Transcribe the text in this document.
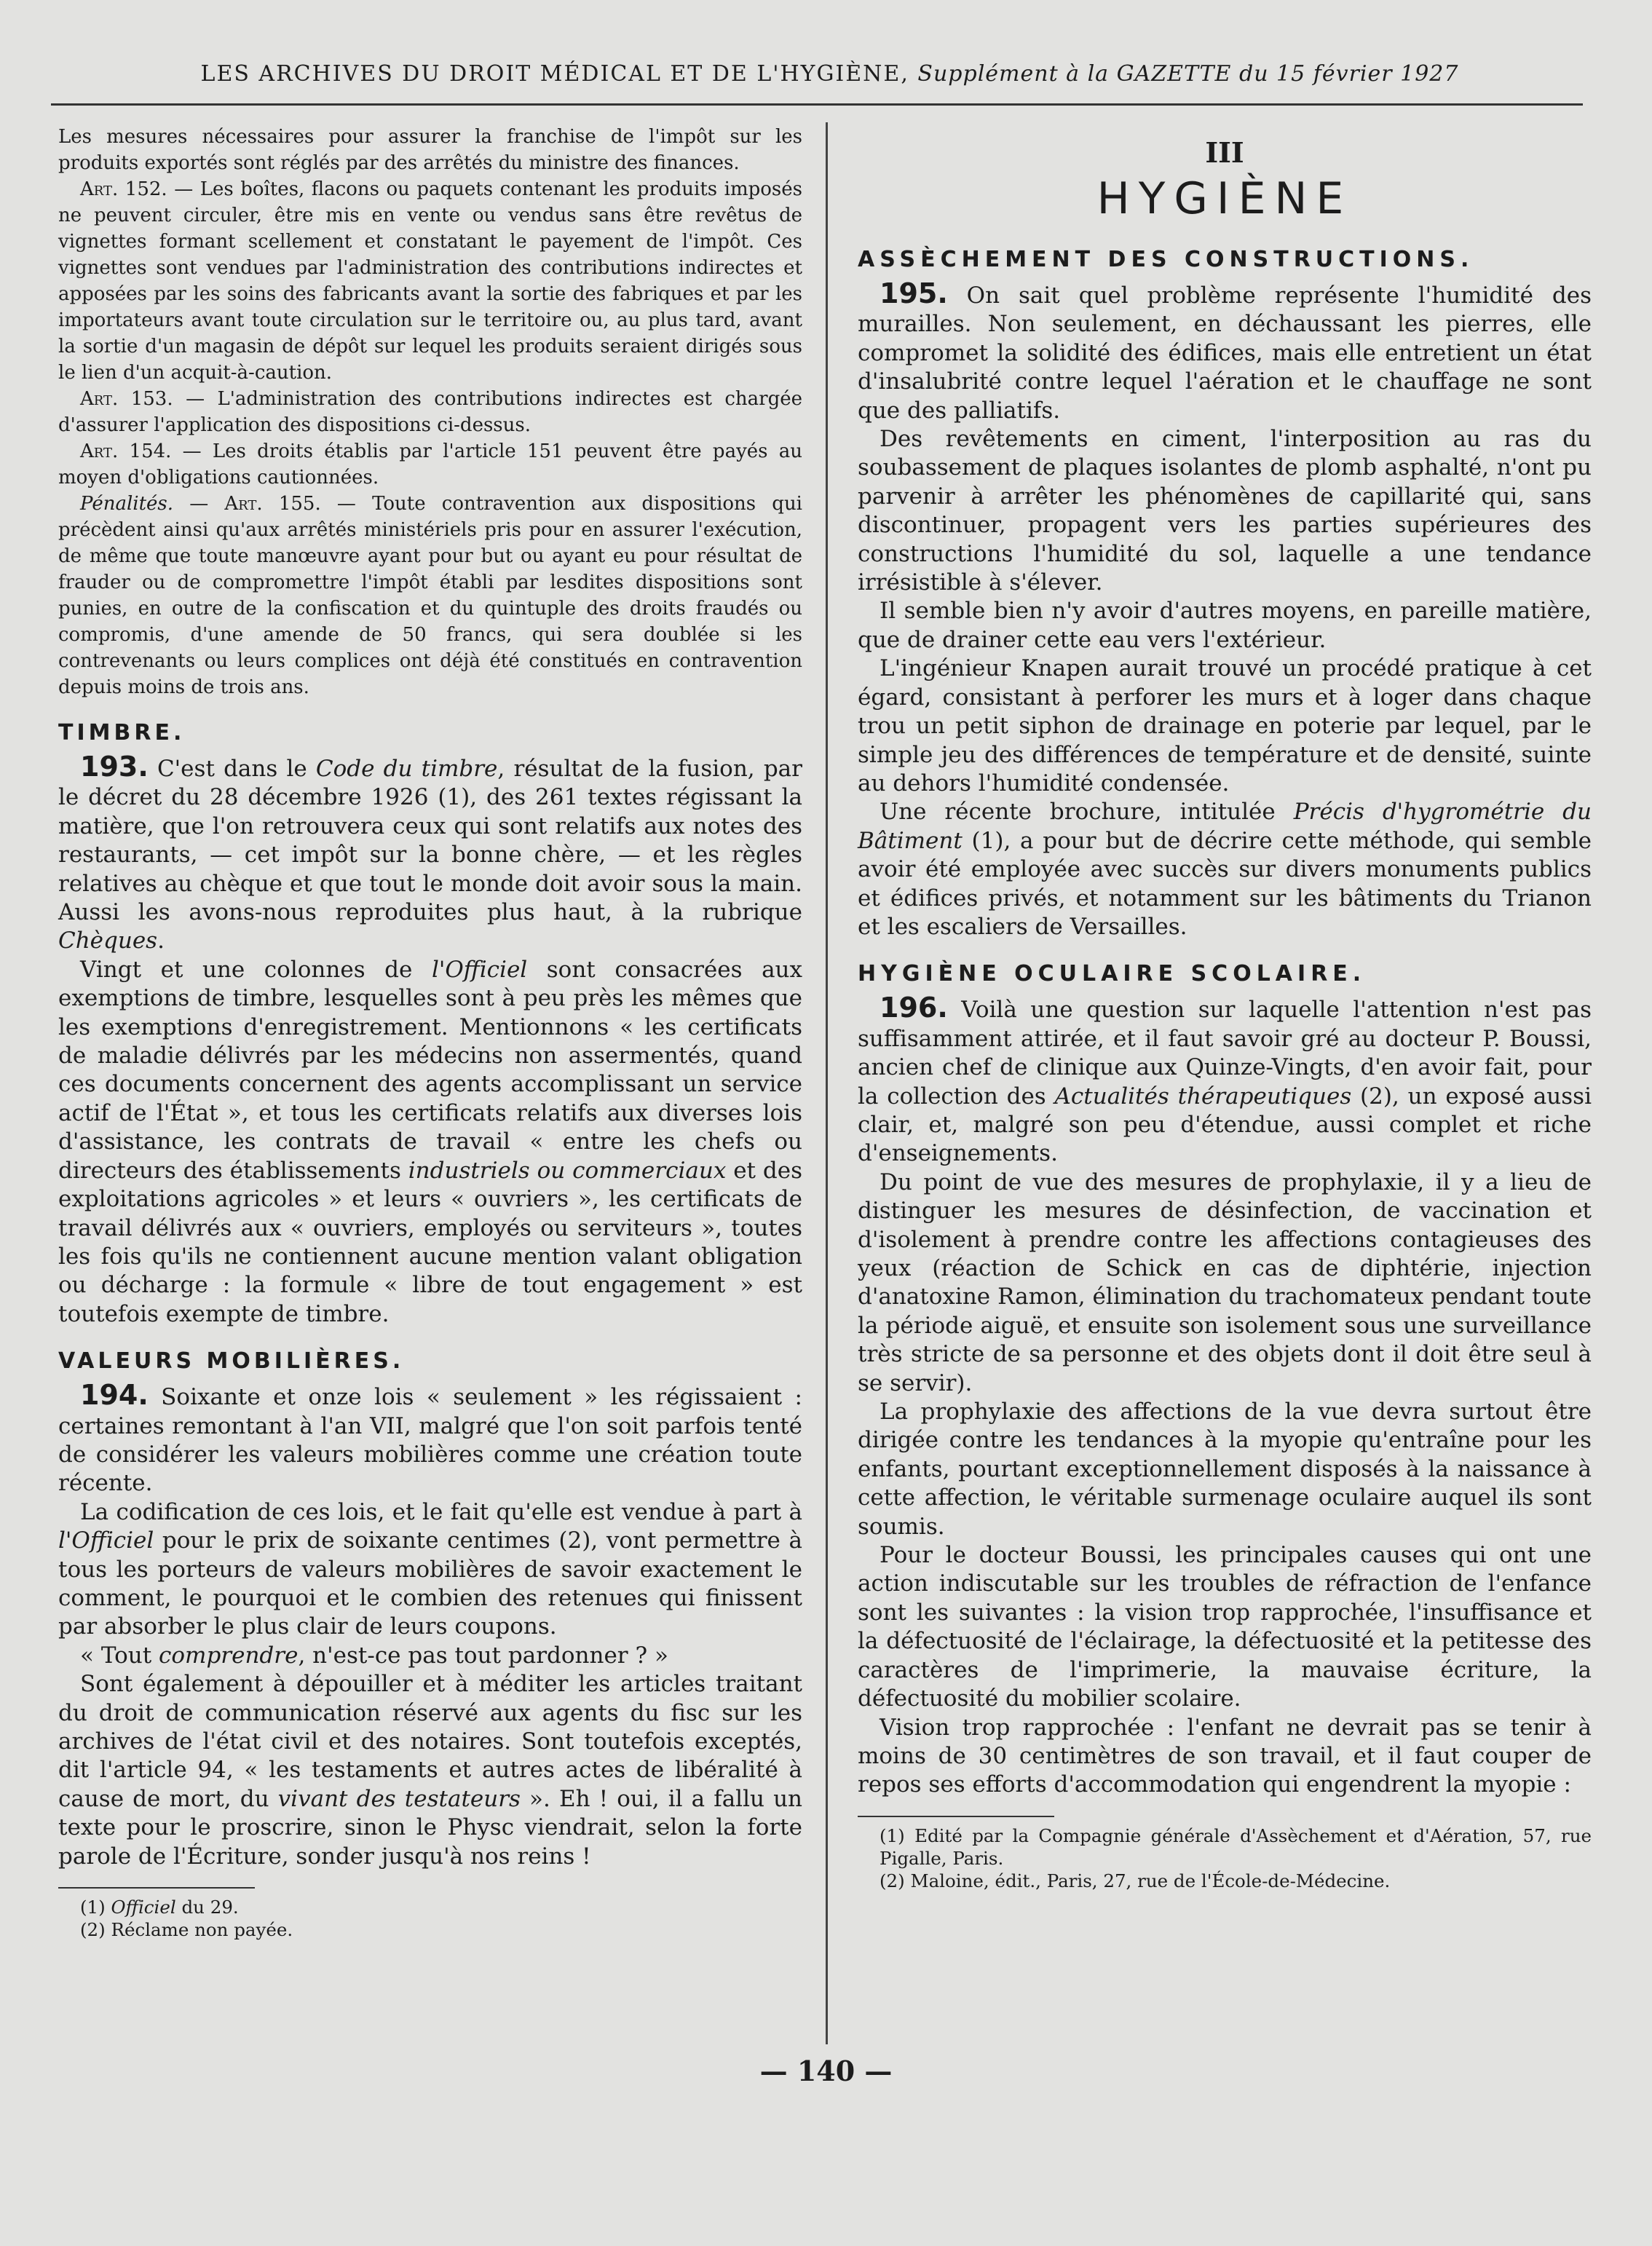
LES ARCHIVES DU DROIT MÉDICAL ET DE L'HYGIÈNE, Supplément à la GAZETTE du 15 février 1927

Les mesures nécessaires pour assurer la franchise de l'impôt sur les produits exportés sont réglés par des arrêtés du ministre des finances.

Art. 152. — Les boîtes, flacons ou paquets contenant les produits imposés ne peuvent circuler, être mis en vente ou vendus sans être revêtus de vignettes formant scellement et constatant le payement de l'impôt. Ces vignettes sont vendues par l'administration des contributions indirectes et apposées par les soins des fabricants avant la sortie des fabriques et par les importateurs avant toute circulation sur le territoire ou, au plus tard, avant la sortie d'un magasin de dépôt sur lequel les produits seraient dirigés sous le lien d'un acquit-à-caution.

Art. 153. — L'administration des contributions indirectes est chargée d'assurer l'application des dispositions ci-dessus.

Art. 154. — Les droits établis par l'article 151 peuvent être payés au moyen d'obligations cautionnées.

Pénalités. — Art. 155. — Toute contravention aux dispositions qui précèdent ainsi qu'aux arrêtés ministériels pris pour en assurer l'exécution, de même que toute manœuvre ayant pour but ou ayant eu pour résultat de frauder ou de compromettre l'impôt établi par lesdites dispositions sont punies, en outre de la confiscation et du quintuple des droits fraudés ou compromis, d'une amende de 50 francs, qui sera doublée si les contrevenants ou leurs complices ont déjà été constitués en contravention depuis moins de trois ans.

TIMBRE.

193. C'est dans le Code du timbre, résultat de la fusion, par le décret du 28 décembre 1926 (1), des 261 textes régissant la matière, que l'on retrouvera ceux qui sont relatifs aux notes des restaurants, — cet impôt sur la bonne chère, — et les règles relatives au chèque et que tout le monde doit avoir sous la main. Aussi les avons-nous reproduites plus haut, à la rubrique Chèques.

Vingt et une colonnes de l'Officiel sont consacrées aux exemptions de timbre, lesquelles sont à peu près les mêmes que les exemptions d'enregistrement. Mentionnons « les certificats de maladie délivrés par les médecins non assermentés, quand ces documents concernent des agents accomplissant un service actif de l'État », et tous les certificats relatifs aux diverses lois d'assistance, les contrats de travail « entre les chefs ou directeurs des établissements industriels ou commerciaux et des exploitations agricoles » et leurs « ouvriers », les certificats de travail délivrés aux « ouvriers, employés ou serviteurs », toutes les fois qu'ils ne contiennent aucune mention valant obligation ou décharge : la formule « libre de tout engagement » est toutefois exempte de timbre.

VALEURS MOBILIÈRES.

194. Soixante et onze lois « seulement » les régissaient : certaines remontant à l'an VII, malgré que l'on soit parfois tenté de considérer les valeurs mobilières comme une création toute récente.

La codification de ces lois, et le fait qu'elle est vendue à part à l'Officiel pour le prix de soixante centimes (2), vont permettre à tous les porteurs de valeurs mobilières de savoir exactement le comment, le pourquoi et le combien des retenues qui finissent par absorber le plus clair de leurs coupons.

« Tout comprendre, n'est-ce pas tout pardonner ? »

Sont également à dépouiller et à méditer les articles traitant du droit de communication réservé aux agents du fisc sur les archives de l'état civil et des notaires. Sont toutefois exceptés, dit l'article 94, « les testaments et autres actes de libéralité à cause de mort, du vivant des testateurs ». Eh ! oui, il a fallu un texte pour le proscrire, sinon le Physc viendrait, selon la forte parole de l'Écriture, sonder jusqu'à nos reins !

(1) Officiel du 29.

(2) Réclame non payée.

III
HYGIÈNE
ASSÈCHEMENT DES CONSTRUCTIONS.

195. On sait quel problème représente l'humidité des murailles. Non seulement, en déchaussant les pierres, elle compromet la solidité des édifices, mais elle entretient un état d'insalubrité contre lequel l'aération et le chauffage ne sont que des palliatifs.

Des revêtements en ciment, l'interposition au ras du soubassement de plaques isolantes de plomb asphalté, n'ont pu parvenir à arrêter les phénomènes de capillarité qui, sans discontinuer, propagent vers les parties supérieures des constructions l'humidité du sol, laquelle a une tendance irrésistible à s'élever.

Il semble bien n'y avoir d'autres moyens, en pareille matière, que de drainer cette eau vers l'extérieur.

L'ingénieur Knapen aurait trouvé un procédé pratique à cet égard, consistant à perforer les murs et à loger dans chaque trou un petit siphon de drainage en poterie par lequel, par le simple jeu des différences de température et de densité, suinte au dehors l'humidité condensée.

Une récente brochure, intitulée Précis d'hygrométrie du Bâtiment (1), a pour but de décrire cette méthode, qui semble avoir été employée avec succès sur divers monuments publics et édifices privés, et notamment sur les bâtiments du Trianon et les escaliers de Versailles.

HYGIÈNE OCULAIRE SCOLAIRE.

196. Voilà une question sur laquelle l'attention n'est pas suffisamment attirée, et il faut savoir gré au docteur P. Boussi, ancien chef de clinique aux Quinze-Vingts, d'en avoir fait, pour la collection des Actualités thérapeutiques (2), un exposé aussi clair, et, malgré son peu d'étendue, aussi complet et riche d'enseignements.

Du point de vue des mesures de prophylaxie, il y a lieu de distinguer les mesures de désinfection, de vaccination et d'isolement à prendre contre les affections contagieuses des yeux (réaction de Schick en cas de diphtérie, injection d'anatoxine Ramon, élimination du trachomateux pendant toute la période aiguë, et ensuite son isolement sous une surveillance très stricte de sa personne et des objets dont il doit être seul à se servir).

La prophylaxie des affections de la vue devra surtout être dirigée contre les tendances à la myopie qu'entraîne pour les enfants, pourtant exceptionnellement disposés à la naissance à cette affection, le véritable surmenage oculaire auquel ils sont soumis.

Pour le docteur Boussi, les principales causes qui ont une action indiscutable sur les troubles de réfraction de l'enfance sont les suivantes : la vision trop rapprochée, l'insuffisance et la défectuosité de l'éclairage, la défectuosité et la petitesse des caractères de l'imprimerie, la mauvaise écriture, la défectuosité du mobilier scolaire.

Vision trop rapprochée : l'enfant ne devrait pas se tenir à moins de 30 centimètres de son travail, et il faut couper de repos ses efforts d'accommodation qui engendrent la myopie :

(1) Edité par la Compagnie générale d'Assèchement et d'Aération, 57, rue Pigalle, Paris.

(2) Maloine, édit., Paris, 27, rue de l'École-de-Médecine.

— 140 —
